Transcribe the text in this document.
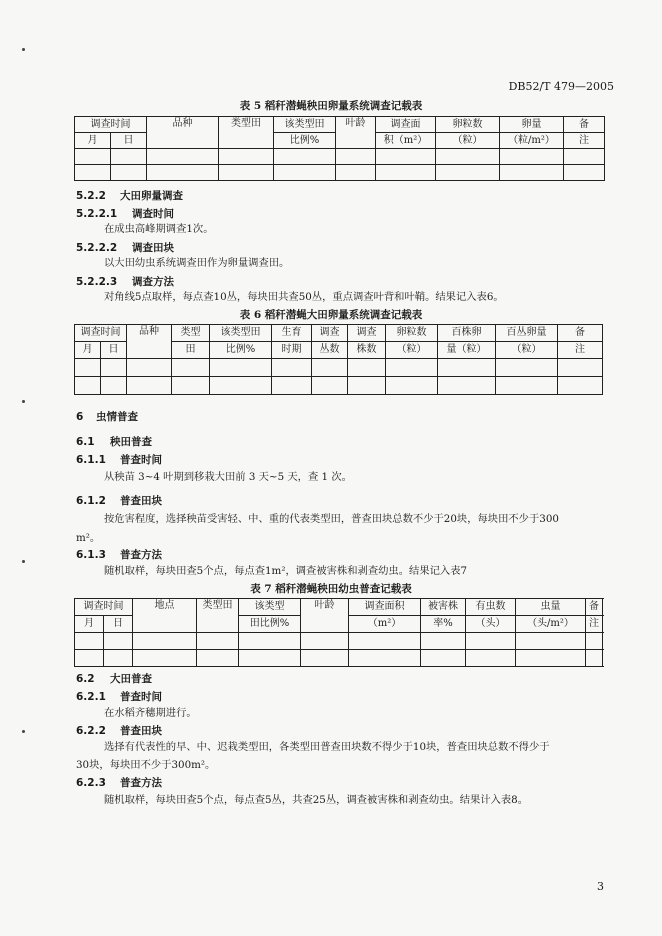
DB52/T 479—2005
表 5 稻秆潜蝇秧田卵量系统调查记载表
调查时间		品种	类型田	该类型田	叶龄	调查面	卵粒数	卵量	备
月	日			比例%		积（m²）	（粒）	（粒/m²）	注

5.2.2 大田卵量调查
5.2.2.1 调查时间
在成虫高峰期调查1次。
5.2.2.2 调查田块
以大田幼虫系统调查田作为卵量调查田。
5.2.2.3 调查方法
对角线5点取样，每点查10丛，每块田共查50丛，重点调查叶背和叶鞘。结果记入表6。
表 6 稻秆潜蝇大田卵量系统调查记载表
调查时间		品种	类型	该类型田	生育	调查	调查	卵粒数	百株卵	百丛卵量	备
月	日		田	比例%	时期	丛数	株数	（粒）	量（粒）	（粒）	注

6 虫情普查
6.1 秧田普查
6.1.1 普查时间
从秧苗 3~4 叶期到移栽大田前 3 天~5 天，查 1 次。
6.1.2 普查田块
按危害程度，选择秧苗受害轻、中、重的代表类型田，普查田块总数不少于20块，每块田不少于300
m²。
6.1.3 普查方法
随机取样，每块田查5个点，每点查1m²，调查被害株和剥查幼虫。结果记入表7
表 7 稻秆潜蝇秧田幼虫普查记载表
调查时间		地点	类型田	该类型	叶龄	调查面积	被害株	有虫数	虫量	备
月	日			田比例%		（m²）	率%	（头）	（头/m²）	注

6.2 大田普查
6.2.1 普查时间
在水稻齐穗期进行。
6.2.2 普查田块
选择有代表性的早、中、迟栽类型田，各类型田普查田块数不得少于10块，普查田块总数不得少于
30块，每块田不少于300m²。
6.2.3 普查方法
随机取样，每块田查5个点，每点查5丛，共查25丛，调查被害株和剥查幼虫。结果计入表8。
3
